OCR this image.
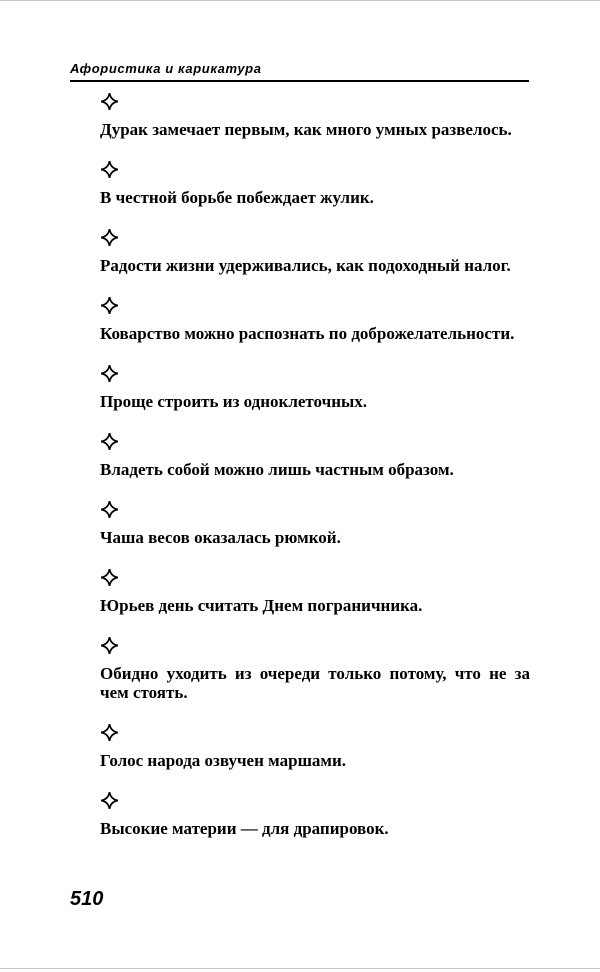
Афористика и карикатура

Дурак замечает первым, как много умных развелось.

В честной борьбе побеждает жулик.

Радости жизни удерживались, как подоходный налог.

Коварство можно распознать по доброжелательности.

Проще строить из одноклеточных.

Владеть собой можно лишь частным образом.

Чаша весов оказалась рюмкой.

Юрьев день считать Днем пограничника.

Обидно уходить из очереди только потому, что не за чем стоять.

Голос народа озвучен маршами.

Высокие материи — для драпировок.

510
